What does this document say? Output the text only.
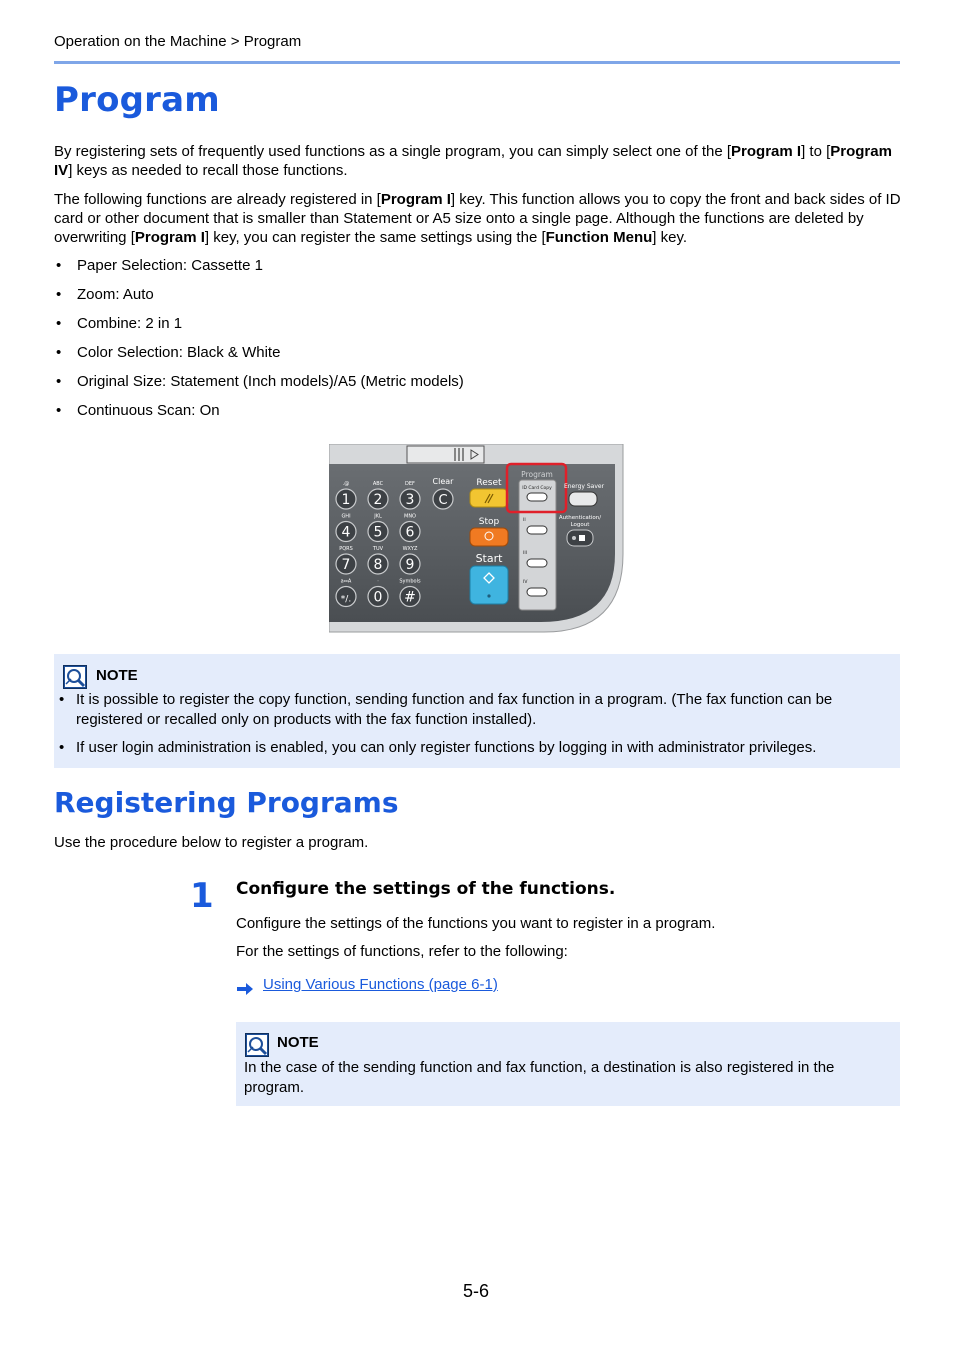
Operation on the Machine > Program
Program
By registering sets of frequently used functions as a single program, you can simply select one of the [Program I] to [Program IV] keys as needed to recall those functions.
The following functions are already registered in [Program I] key. This function allows you to copy the front and back sides of ID card or other document that is smaller than Statement or A5 size onto a single page. Although the functions are deleted by overwriting [Program I] key, you can register the same settings using the [Function Menu] key.
• Paper Selection: Cassette 1
• Zoom: Auto
• Combine: 2 in 1
• Color Selection: Black & White
• Original Size: Statement (Inch models)/A5 (Metric models)
• Continuous Scan: On
.@
1
ABC
2
DEF
3
GHI
4
JKL
5
MNO
6
PQRS
7
TUV
8
WXYZ
9
a⇔A
*/.
·
0
Symbols
#
Clear
C
Reset
Stop
Start
Program
ID Card Copy
II
III
IV
Energy Saver
Authentication/
Logout
NOTE
• It is possible to register the copy function, sending function and fax function in a program. (The fax function can be registered or recalled only on products with the fax function installed).
• If user login administration is enabled, you can only register functions by logging in with administrator privileges.
Registering Programs
Use the procedure below to register a program.
1 Configure the settings of the functions.
Configure the settings of the functions you want to register in a program.
For the settings of functions, refer to the following:
Using Various Functions (page 6-1)
NOTE
In the case of the sending function and fax function, a destination is also registered in the program.
5-6
